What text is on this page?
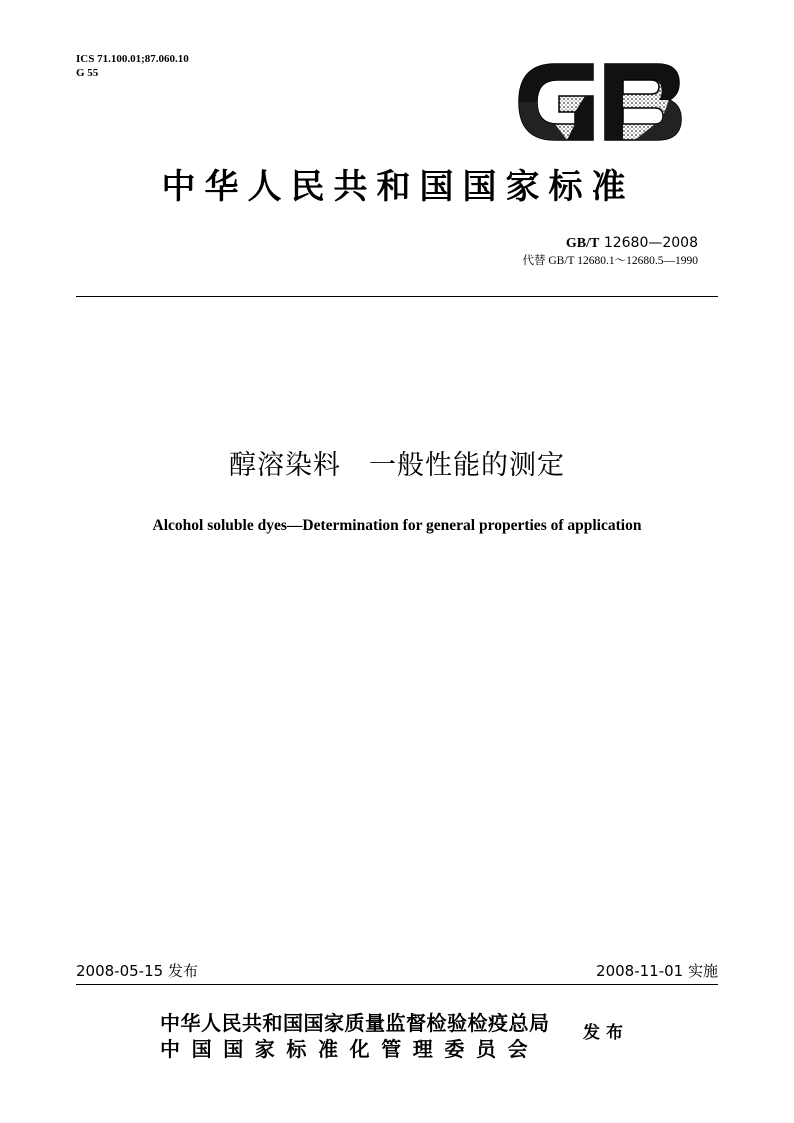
ICS 71.100.01;87.060.10
G 55
中华人民共和国国家标准
GB/T 12680—2008
代替 GB/T 12680.1～12680.5—1990
醇溶染料　一般性能的测定
Alcohol soluble dyes—Determination for general properties of application
2008-05-15 发布	2008-11-01 实施
中华人民共和国国家质量监督检验检疫总局
中国国家标准化管理委员会
发布
